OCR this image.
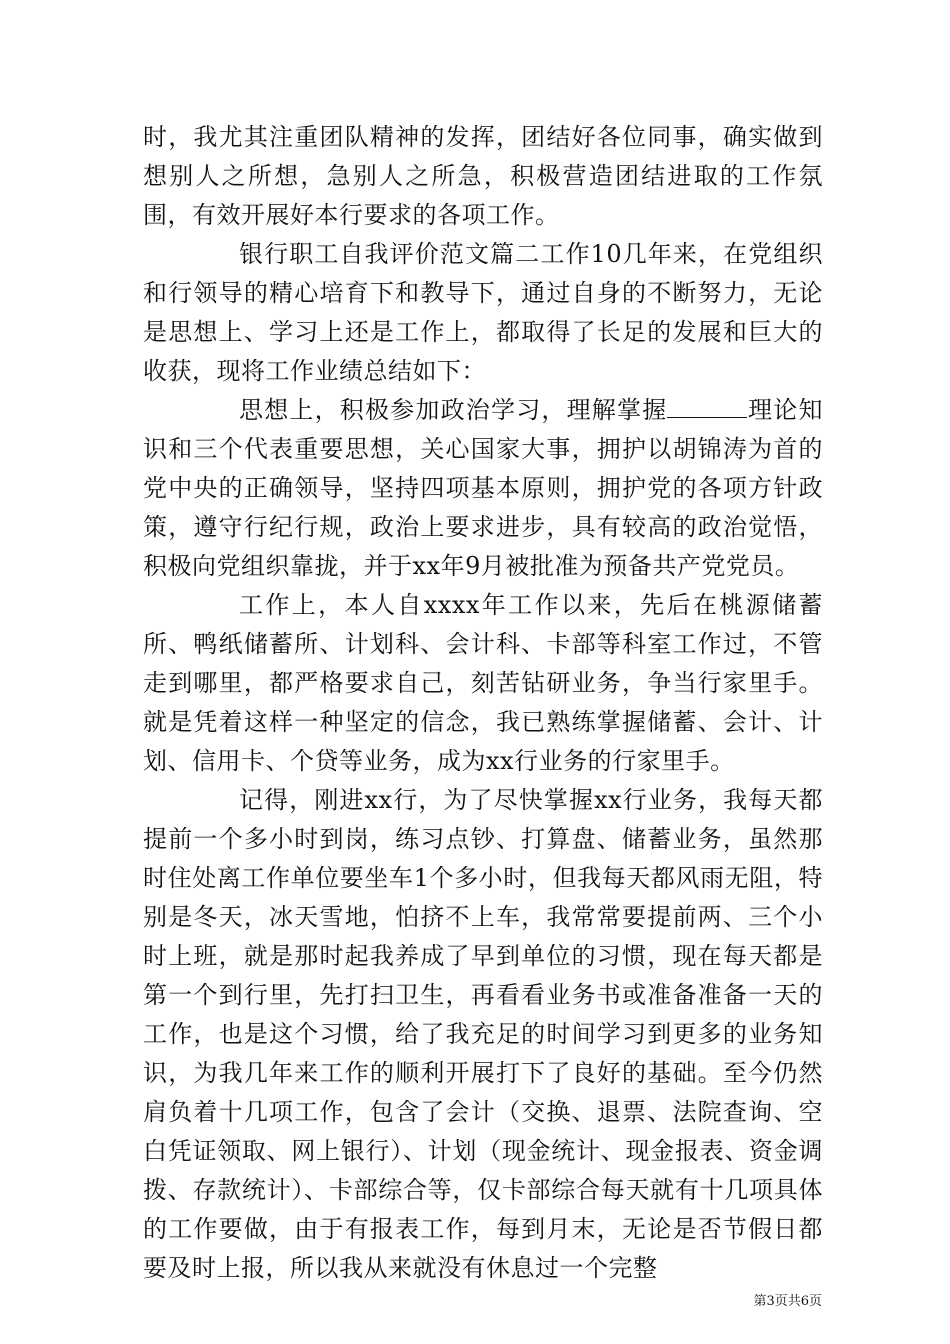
时，我尤其注重团队精神的发挥，团结好各位同事，确实做到想别人之所想，急别人之所急，积极营造团结进取的工作氛围，有效开展好本行要求的各项工作。

银行职工自我评价范文篇二工作10几年来，在党组织和行领导的精心培育下和教导下，通过自身的不断努力，无论是思想上、学习上还是工作上，都取得了长足的发展和巨大的收获，现将工作业绩总结如下：

思想上，积极参加政治学习，理解掌握	理论知识和三个代表重要思想，关心国家大事，拥护以胡锦涛为首的党中央的正确领导，坚持四项基本原则，拥护党的各项方针政策，遵守行纪行规，政治上要求进步，具有较高的政治觉悟，积极向党组织靠拢，并于xx年9月被批准为预备共产党党员。

工作上，本人自xxxx年工作以来，先后在桃源储蓄所、鸭纸储蓄所、计划科、会计科、卡部等科室工作过，不管走到哪里，都严格要求自己，刻苦钻研业务，争当行家里手。就是凭着这样一种坚定的信念，我已熟练掌握储蓄、会计、计划、信用卡、个贷等业务，成为xx行业务的行家里手。

记得，刚进xx行，为了尽快掌握xx行业务，我每天都提前一个多小时到岗，练习点钞、打算盘、储蓄业务，虽然那时住处离工作单位要坐车1个多小时，但我每天都风雨无阻，特别是冬天，冰天雪地，怕挤不上车，我常常要提前两、三个小时上班，就是那时起我养成了早到单位的习惯，现在每天都是第一个到行里，先打扫卫生，再看看业务书或准备准备一天的工作，也是这个习惯，给了我充足的时间学习到更多的业务知识，为我几年来工作的顺利开展打下了良好的基础。至今仍然肩负着十几项工作，包含了会计（交换、退票、法院查询、空白凭证领取、网上银行）、计划（现金统计、现金报表、资金调拨、存款统计）、卡部综合等，仅卡部综合每天就有十几项具体的工作要做，由于有报表工作，每到月末，无论是否节假日都要及时上报，所以我从来就没有休息过一个完整

第3页共6页
